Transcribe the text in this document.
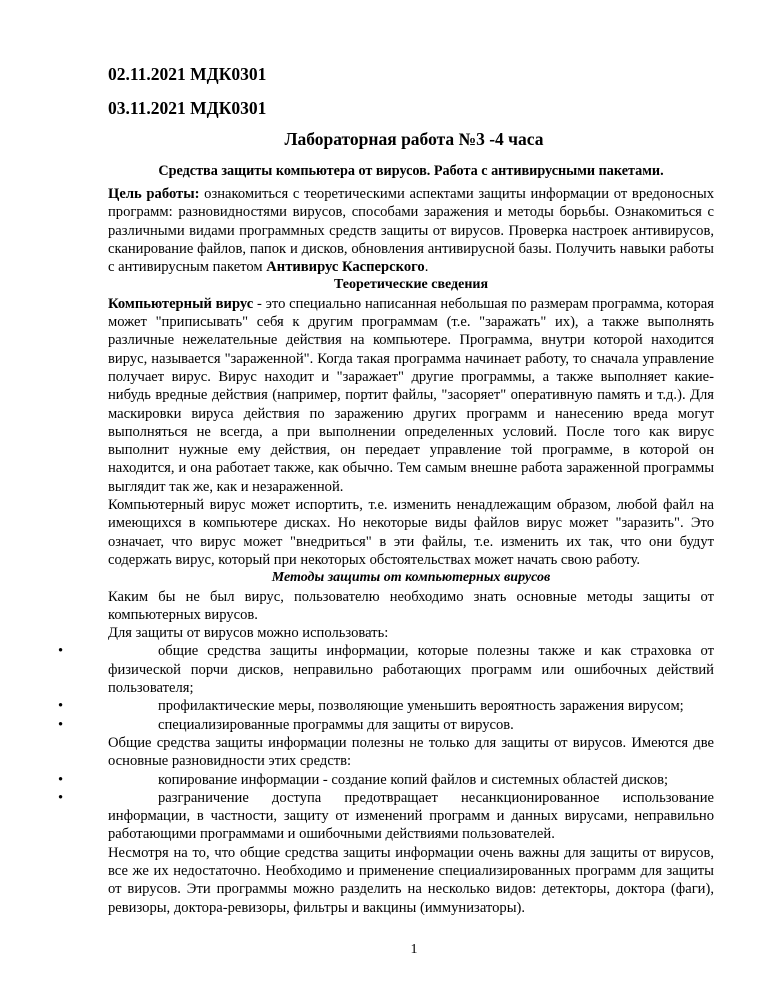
02.11.2021 МДК0301
03.11.2021 МДК0301
Лабораторная работа №3 -4 часа
Средства защиты компьютера от вирусов. Работа с антивирусными пакетами.

Цель работы: ознакомиться с теоретическими аспектами защиты информации от вредоносных программ: разновидностями вирусов, способами заражения и методы борьбы. Ознакомиться с различными видами программных средств защиты от вирусов. Проверка настроек антивирусов, сканирование файлов, папок и дисков, обновления антивирусной базы. Получить навыки работы с антивирусным пакетом Антивирус Касперского.

Теоретические сведения

Компьютерный вирус - это специально написанная небольшая по размерам программа, которая может "приписывать" себя к другим программам (т.е. "заражать" их), а также выполнять различные нежелательные действия на компьютере. Программа, внутри которой находится вирус, называется "зараженной". Когда такая программа начинает работу, то сначала управление получает вирус. Вирус находит и "заражает" другие программы, а также выполняет какие-нибудь вредные действия (например, портит файлы, "засоряет" оперативную память и т.д.). Для маскировки вируса действия по заражению других программ и нанесению вреда могут выполняться не всегда, а при выполнении определенных условий. После того как вирус выполнит нужные ему действия, он передает управление той программе, в которой он находится, и она работает также, как обычно. Тем самым внешне работа зараженной программы выглядит так же, как и незараженной.

Компьютерный вирус может испортить, т.е. изменить ненадлежащим образом, любой файл на имеющихся в компьютере дисках. Но некоторые виды файлов вирус может "заразить". Это означает, что вирус может "внедриться" в эти файлы, т.е. изменить их так, что они будут содержать вирус, который при некоторых обстоятельствах может начать свою работу.

Методы защиты от компьютерных вирусов

Каким бы не был вирус, пользователю необходимо знать основные методы защиты от компьютерных вирусов.

Для защиты от вирусов можно использовать:

•	общие средства защиты информации, которые полезны также и как страховка от физической порчи дисков, неправильно работающих программ или ошибочных действий пользователя;

•	профилактические меры, позволяющие уменьшить вероятность заражения вирусом;

•	специализированные программы для защиты от вирусов.

Общие средства защиты информации полезны не только для защиты от вирусов. Имеются две основные разновидности этих средств:

•	копирование информации - создание копий файлов и системных областей дисков;

•	разграничение доступа предотвращает несанкционированное использование информации, в частности, защиту от изменений программ и данных вирусами, неправильно работающими программами и ошибочными действиями пользователей.

Несмотря на то, что общие средства защиты информации очень важны для защиты от вирусов, все же их недостаточно. Необходимо и применение специализированных программ для защиты от вирусов. Эти программы можно разделить на несколько видов: детекторы, доктора (фаги), ревизоры, доктора-ревизоры, фильтры и вакцины (иммунизаторы).

1
